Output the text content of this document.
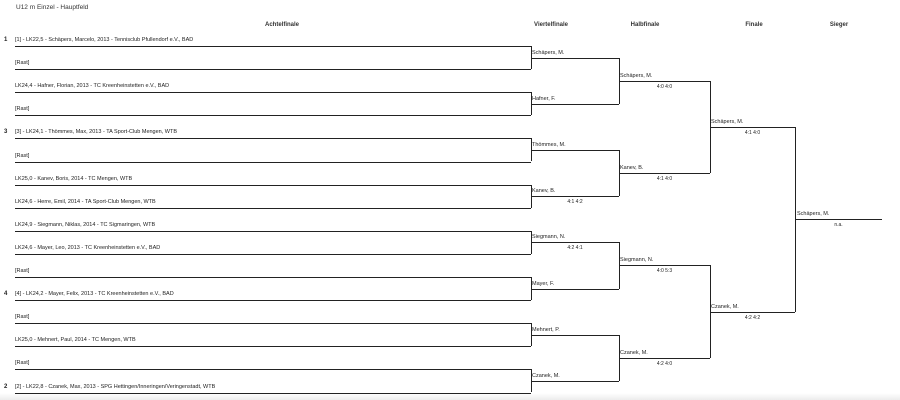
U12 m Einzel - Hauptfeld
Achtelfinale	Viertelfinale	Halbfinale	Finale	Sieger
1 [1] - LK22,5 - Schäpers, Marcelo, 2013 - Tennisclub Pfullendorf e.V., BAD
[Rast]
LK24,4 - Hafner, Florian, 2013 - TC Kreenheinstetten e.V., BAD
[Rast]
3 [3] - LK24,1 - Thömmes, Max, 2013 - TA Sport-Club Mengen, WTB
[Rast]
LK25,0 - Kanev, Boris, 2014 - TC Mengen, WTB
LK24,6 - Herre, Emil, 2014 - TA Sport-Club Mengen, WTB
LK24,9 - Siegmann, Niklas, 2014 - TC Sigmaringen, WTB
LK24,6 - Mayer, Leo, 2013 - TC Kreenheinstetten e.V., BAD
[Rast]
4 [4] - LK24,2 - Mayer, Felix, 2013 - TC Kreenheinstetten e.V., BAD
[Rast]
LK25,0 - Mehnert, Paul, 2014 - TC Mengen, WTB
[Rast]
2 [2] - LK22,8 - Czanek, Max, 2013 - SPG Hettingen/Inneringen/Veringenstadt, WTB
Schäpers, M.
Hafner, F.
Thömmes, M.
Kanev, B.
4:1 4:2
Siegmann, N.
4:2 4:1
Mayer, F.
Mehnert, P.
Czanek, M.
Schäpers, M.
4:0 4:0
Kanev, B.
4:1 4:0
Siegmann, N.
4:0 5:3
Czanek, M.
4:2 4:0
Schäpers, M.
4:1 4:0
Czanek, M.
4:2 4:2
Schäpers, M.
n.a.
